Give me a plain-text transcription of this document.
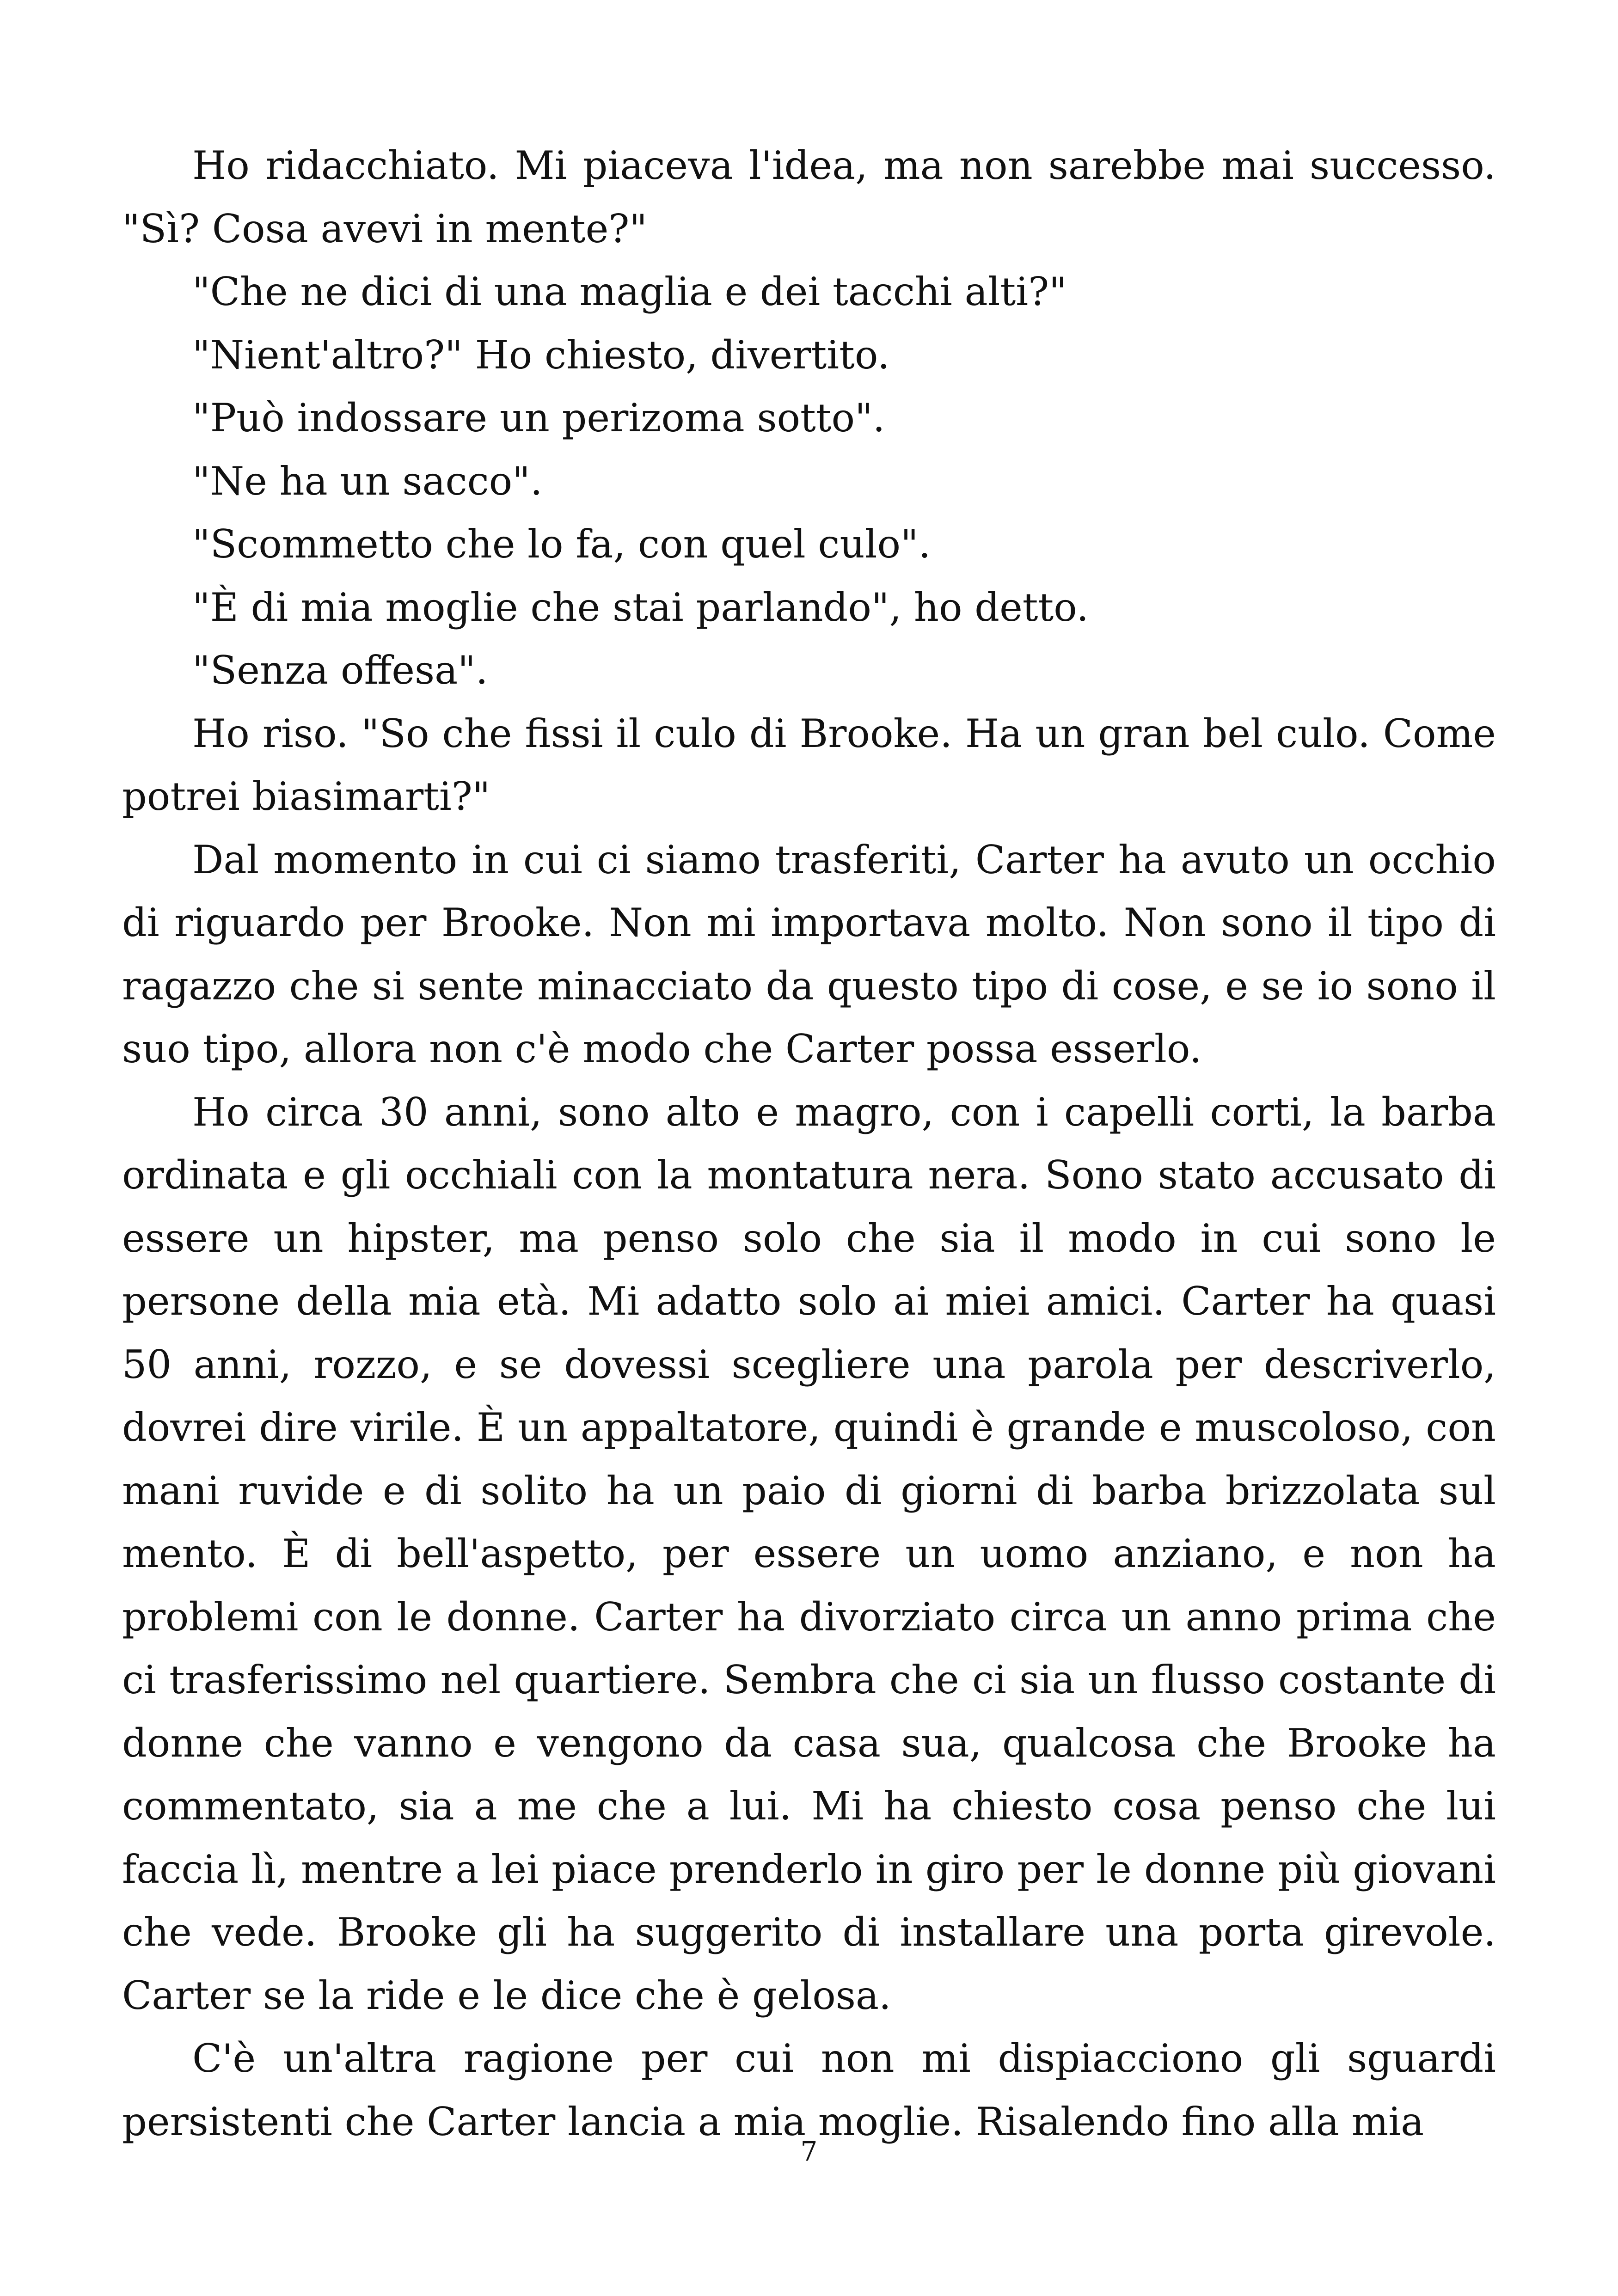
Ho ridacchiato. Mi piaceva l'idea, ma non sarebbe mai successo. "Sì? Cosa avevi in mente?"

"Che ne dici di una maglia e dei tacchi alti?"

"Nient'altro?" Ho chiesto, divertito.

"Può indossare un perizoma sotto".

"Ne ha un sacco".

"Scommetto che lo fa, con quel culo".

"È di mia moglie che stai parlando", ho detto.

"Senza offesa".

Ho riso. "So che fissi il culo di Brooke. Ha un gran bel culo. Come potrei biasimarti?"

Dal momento in cui ci siamo trasferiti, Carter ha avuto un occhio di riguardo per Brooke. Non mi importava molto. Non sono il tipo di ragazzo che si sente minacciato da questo tipo di cose, e se io sono il suo tipo, allora non c'è modo che Carter possa esserlo.

Ho circa 30 anni, sono alto e magro, con i capelli corti, la barba ordinata e gli occhiali con la montatura nera. Sono stato accusato di essere un hipster, ma penso solo che sia il modo in cui sono le persone della mia età. Mi adatto solo ai miei amici. Carter ha quasi 50 anni, rozzo, e se dovessi scegliere una parola per descriverlo, dovrei dire virile. È un appaltatore, quindi è grande e muscoloso, con mani ruvide e di solito ha un paio di giorni di barba brizzolata sul mento. È di bell'aspetto, per essere un uomo anziano, e non ha problemi con le donne. Carter ha divorziato circa un anno prima che ci trasferissimo nel quartiere. Sembra che ci sia un flusso costante di donne che vanno e vengono da casa sua, qualcosa che Brooke ha commentato, sia a me che a lui. Mi ha chiesto cosa penso che lui faccia lì, mentre a lei piace prenderlo in giro per le donne più giovani che vede. Brooke gli ha suggerito di installare una porta girevole. Carter se la ride e le dice che è gelosa.

C'è un'altra ragione per cui non mi dispiacciono gli sguardi persistenti che Carter lancia a mia moglie. Risalendo fino alla mia

7
